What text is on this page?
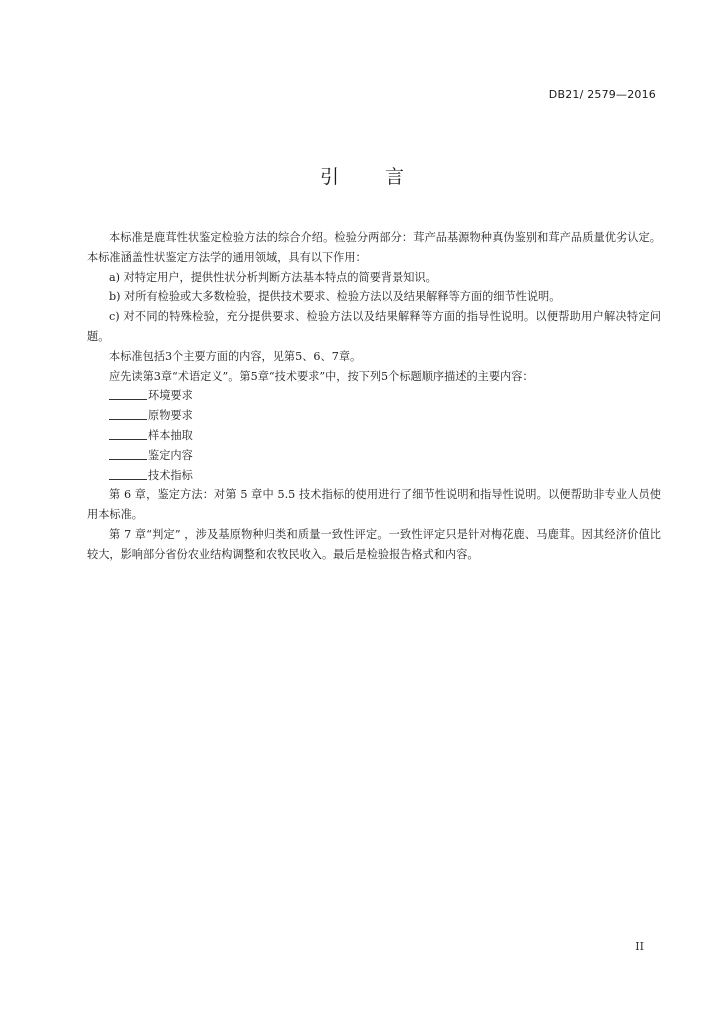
DB21/ 2579—2016
引 言

本标准是鹿茸性状鉴定检验方法的综合介绍。检验分两部分：茸产品基源物种真伪鉴别和茸产品质量优劣认定。本标准涵盖性状鉴定方法学的通用领域，具有以下作用：

a) 对特定用户，提供性状分析判断方法基本特点的简要背景知识。

b) 对所有检验或大多数检验，提供技术要求、检验方法以及结果解释等方面的细节性说明。

c) 对不同的特殊检验，充分提供要求、检验方法以及结果解释等方面的指导性说明。以便帮助用户解决特定问题。

本标准包括3个主要方面的内容，见第5、6、7章。

应先读第3章“术语定义”。第5章“技术要求”中，按下列5个标题顺序描述的主要内容：

环境要求

原物要求

样本抽取

鉴定内容

技术指标

第 6 章，鉴定方法：对第 5 章中 5.5 技术指标的使用进行了细节性说明和指导性说明。以便帮助非专业人员使用本标准。

第 7 章“判定” ，涉及基原物种归类和质量一致性评定。一致性评定只是针对梅花鹿、马鹿茸。因其经济价值比较大，影响部分省份农业结构调整和农牧民收入。最后是检验报告格式和内容。

II
